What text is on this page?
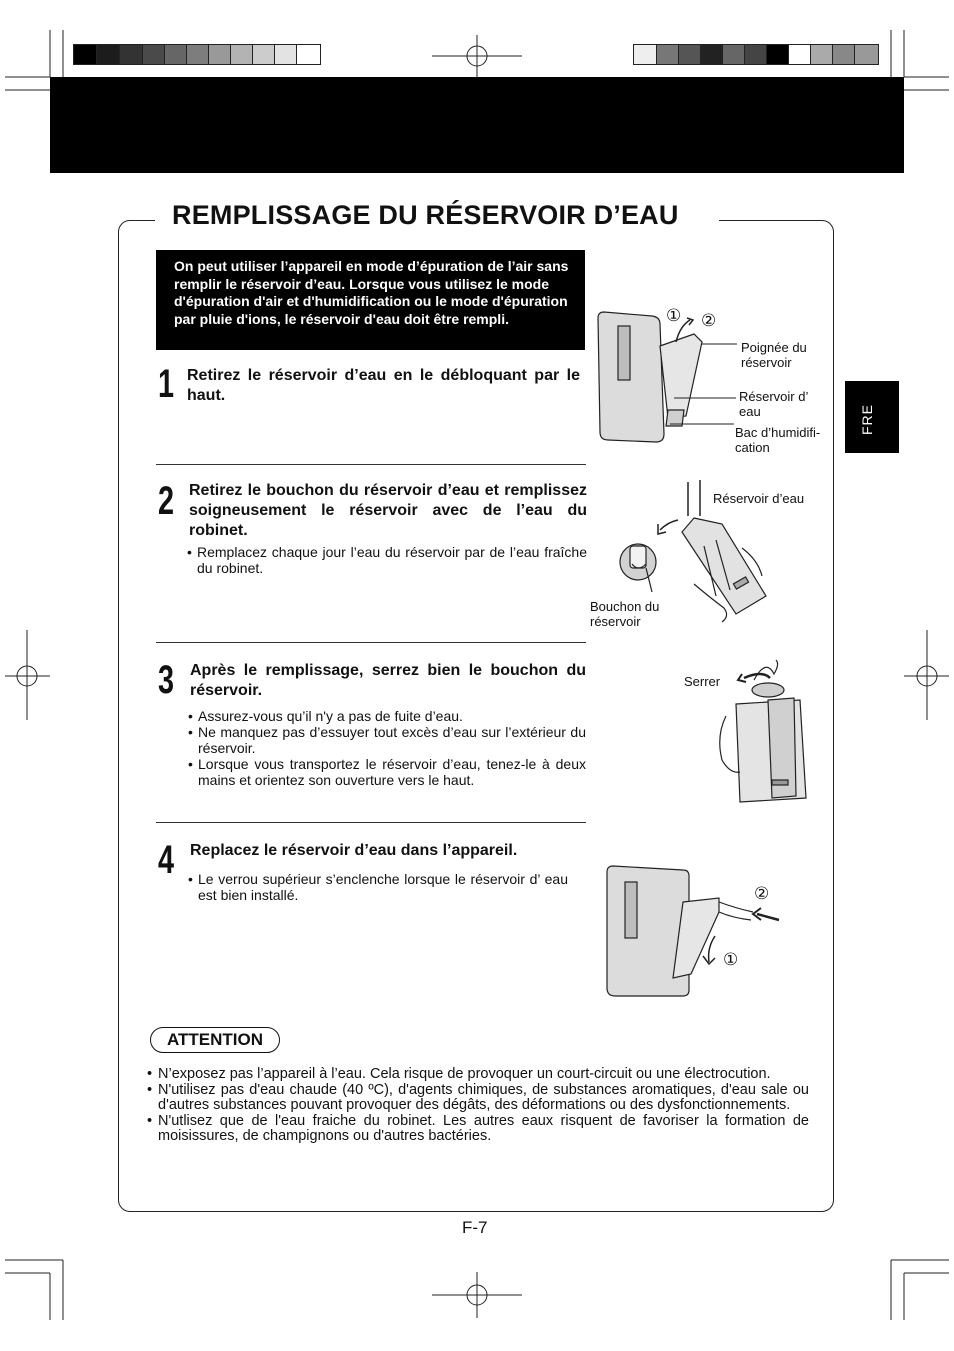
REMPLISSAGE DU RÉSERVOIR D’EAU
On peut utiliser l’appareil en mode d’épuration de l’air sans remplir le réservoir d’eau. Lorsque vous utilisez le mode d'épuration d'air et d'humidification ou le mode d'épuration par pluie d'ions, le réservoir d'eau doit être rempli.
FRE
1 Retirez le réservoir d’eau en le débloquant par le haut.
2 Retirez le bouchon du réservoir d’eau et remplissez soigneusement le réservoir avec de l’eau du robinet.
• Remplacez chaque jour l’eau du réservoir par de l’eau fraîche du robinet.
3 Après le remplissage, serrez bien le bouchon du réservoir.
• Assurez-vous qu’il n'y a pas de fuite d’eau.
• Ne manquez pas d’essuyer tout excès d’eau sur l’extérieur du réservoir.
• Lorsque vous transportez le réservoir d’eau, tenez-le à deux mains et orientez son ouverture vers le haut.
4 Replacez le réservoir d’eau dans l’appareil.
• Le verrou supérieur s’enclenche lorsque le réservoir d’ eau est bien installé.
① ②
Poignée du réservoir
Réservoir d’ eau
Bac d’humidifi-cation
Réservoir d’eau
Bouchon du réservoir
Serrer
②
①
ATTENTION
• N’exposez pas l’appareil à l’eau. Cela risque de provoquer un court-circuit ou une électrocution.
• N'utilisez pas d'eau chaude (40 ºC), d'agents chimiques, de substances aromatiques, d'eau sale ou d'autres substances pouvant provoquer des dégâts, des déformations ou des dysfonctionnements.
• N'utlisez que de l'eau fraiche du robinet. Les autres eaux risquent de favoriser la formation de moisissures, de champignons ou d'autres bactéries.
F-7
